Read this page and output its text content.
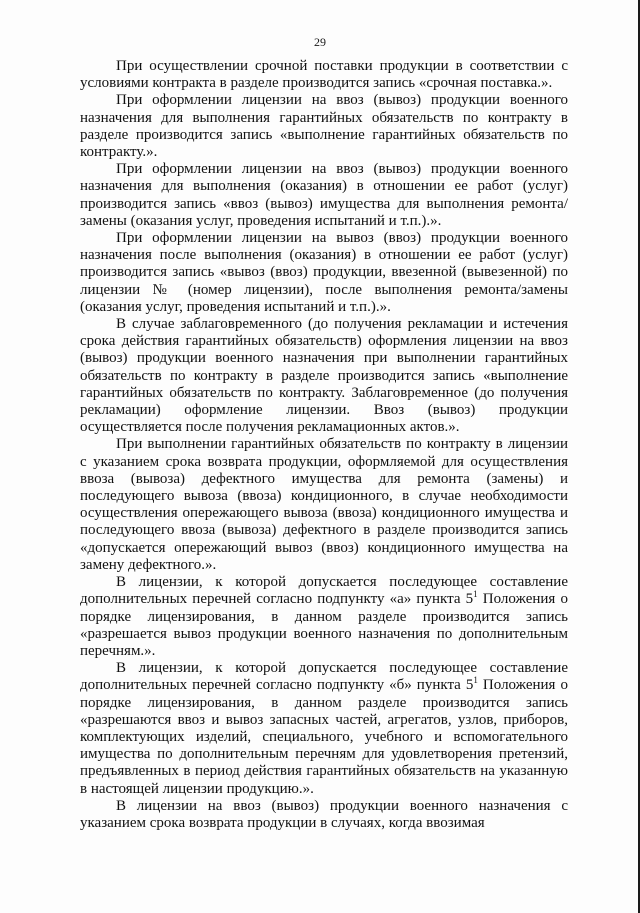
29

При осуществлении срочной поставки продукции в соответствии с условиями контракта в разделе производится запись «срочная поставка.».

При оформлении лицензии на ввоз (вывоз) продукции военного назначения для выполнения гарантийных обязательств по контракту в разделе производится запись «выполнение гарантийных обязательств по контракту.».

При оформлении лицензии на ввоз (вывоз) продукции военного назначения для выполнения (оказания) в отношении ее работ (услуг) производится запись «ввоз (вывоз) имущества для выполнения ремонта/замены (оказания услуг, проведения испытаний и т.п.).».

При оформлении лицензии на вывоз (ввоз) продукции военного назначения после выполнения (оказания) в отношении ее работ (услуг) производится запись «вывоз (ввоз) продукции, ввезенной (вывезенной) по лицензии № (номер лицензии), после выполнения ремонта/замены (оказания услуг, проведения испытаний и т.п.).».

В случае заблаговременного (до получения рекламации и истечения срока действия гарантийных обязательств) оформления лицензии на ввоз (вывоз) продукции военного назначения при выполнении гарантийных обязательств по контракту в разделе производится запись «выполнение гарантийных обязательств по контракту. Заблаговременное (до получения рекламации) оформление лицензии. Ввоз (вывоз) продукции осуществляется после получения рекламационных актов.».

При выполнении гарантийных обязательств по контракту в лицензии с указанием срока возврата продукции, оформляемой для осуществления ввоза (вывоза) дефектного имущества для ремонта (замены) и последующего вывоза (ввоза) кондиционного, в случае необходимости осуществления опережающего вывоза (ввоза) кондиционного имущества и последующего ввоза (вывоза) дефектного в разделе производится запись «допускается опережающий вывоз (ввоз) кондиционного имущества на замену дефектного.».

В лицензии, к которой допускается последующее составление дополнительных перечней согласно подпункту «а» пункта $5^1$ Положения о порядке лицензирования, в данном разделе производится запись «разрешается вывоз продукции военного назначения по дополнительным перечням.».

В лицензии, к которой допускается последующее составление дополнительных перечней согласно подпункту «б» пункта $5^1$ Положения о порядке лицензирования, в данном разделе производится запись «разрешаются ввоз и вывоз запасных частей, агрегатов, узлов, приборов, комплектующих изделий, специального, учебного и вспомогательного имущества по дополнительным перечням для удовлетворения претензий, предъявленных в период действия гарантийных обязательств на указанную в настоящей лицензии продукцию.».

В лицензии на ввоз (вывоз) продукции военного назначения с указанием срока возврата продукции в случаях, когда ввозимая
